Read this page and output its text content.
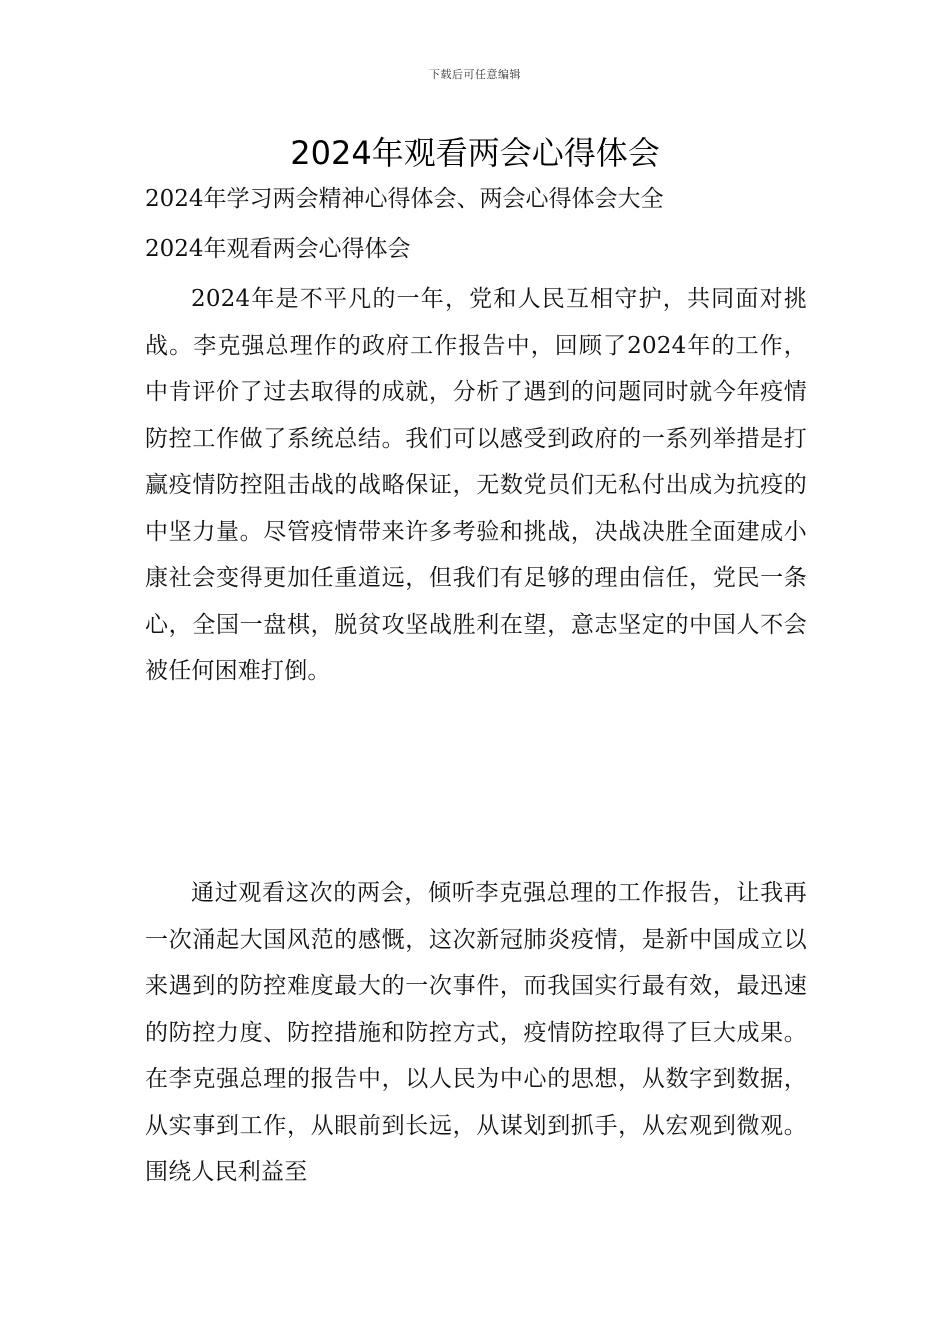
下载后可任意编辑
2024年观看两会心得体会
2024年学习两会精神心得体会、两会心得体会大全
2024年观看两会心得体会

2024年是不平凡的一年，党和人民互相守护，共同面对挑战。李克强总理作的政府工作报告中，回顾了2024年的工作，中肯评价了过去取得的成就，分析了遇到的问题同时就今年疫情防控工作做了系统总结。我们可以感受到政府的一系列举措是打赢疫情防控阻击战的战略保证，无数党员们无私付出成为抗疫的中坚力量。尽管疫情带来许多考验和挑战，决战决胜全面建成小康社会变得更加任重道远，但我们有足够的理由信任，党民一条心，全国一盘棋，脱贫攻坚战胜利在望，意志坚定的中国人不会被任何困难打倒。

通过观看这次的两会，倾听李克强总理的工作报告，让我再一次涌起大国风范的感慨，这次新冠肺炎疫情，是新中国成立以来遇到的防控难度最大的一次事件，而我国实行最有效，最迅速的防控力度、防控措施和防控方式，疫情防控取得了巨大成果。在李克强总理的报告中，以人民为中心的思想，从数字到数据，从实事到工作，从眼前到长远，从谋划到抓手，从宏观到微观。围绕人民利益至
